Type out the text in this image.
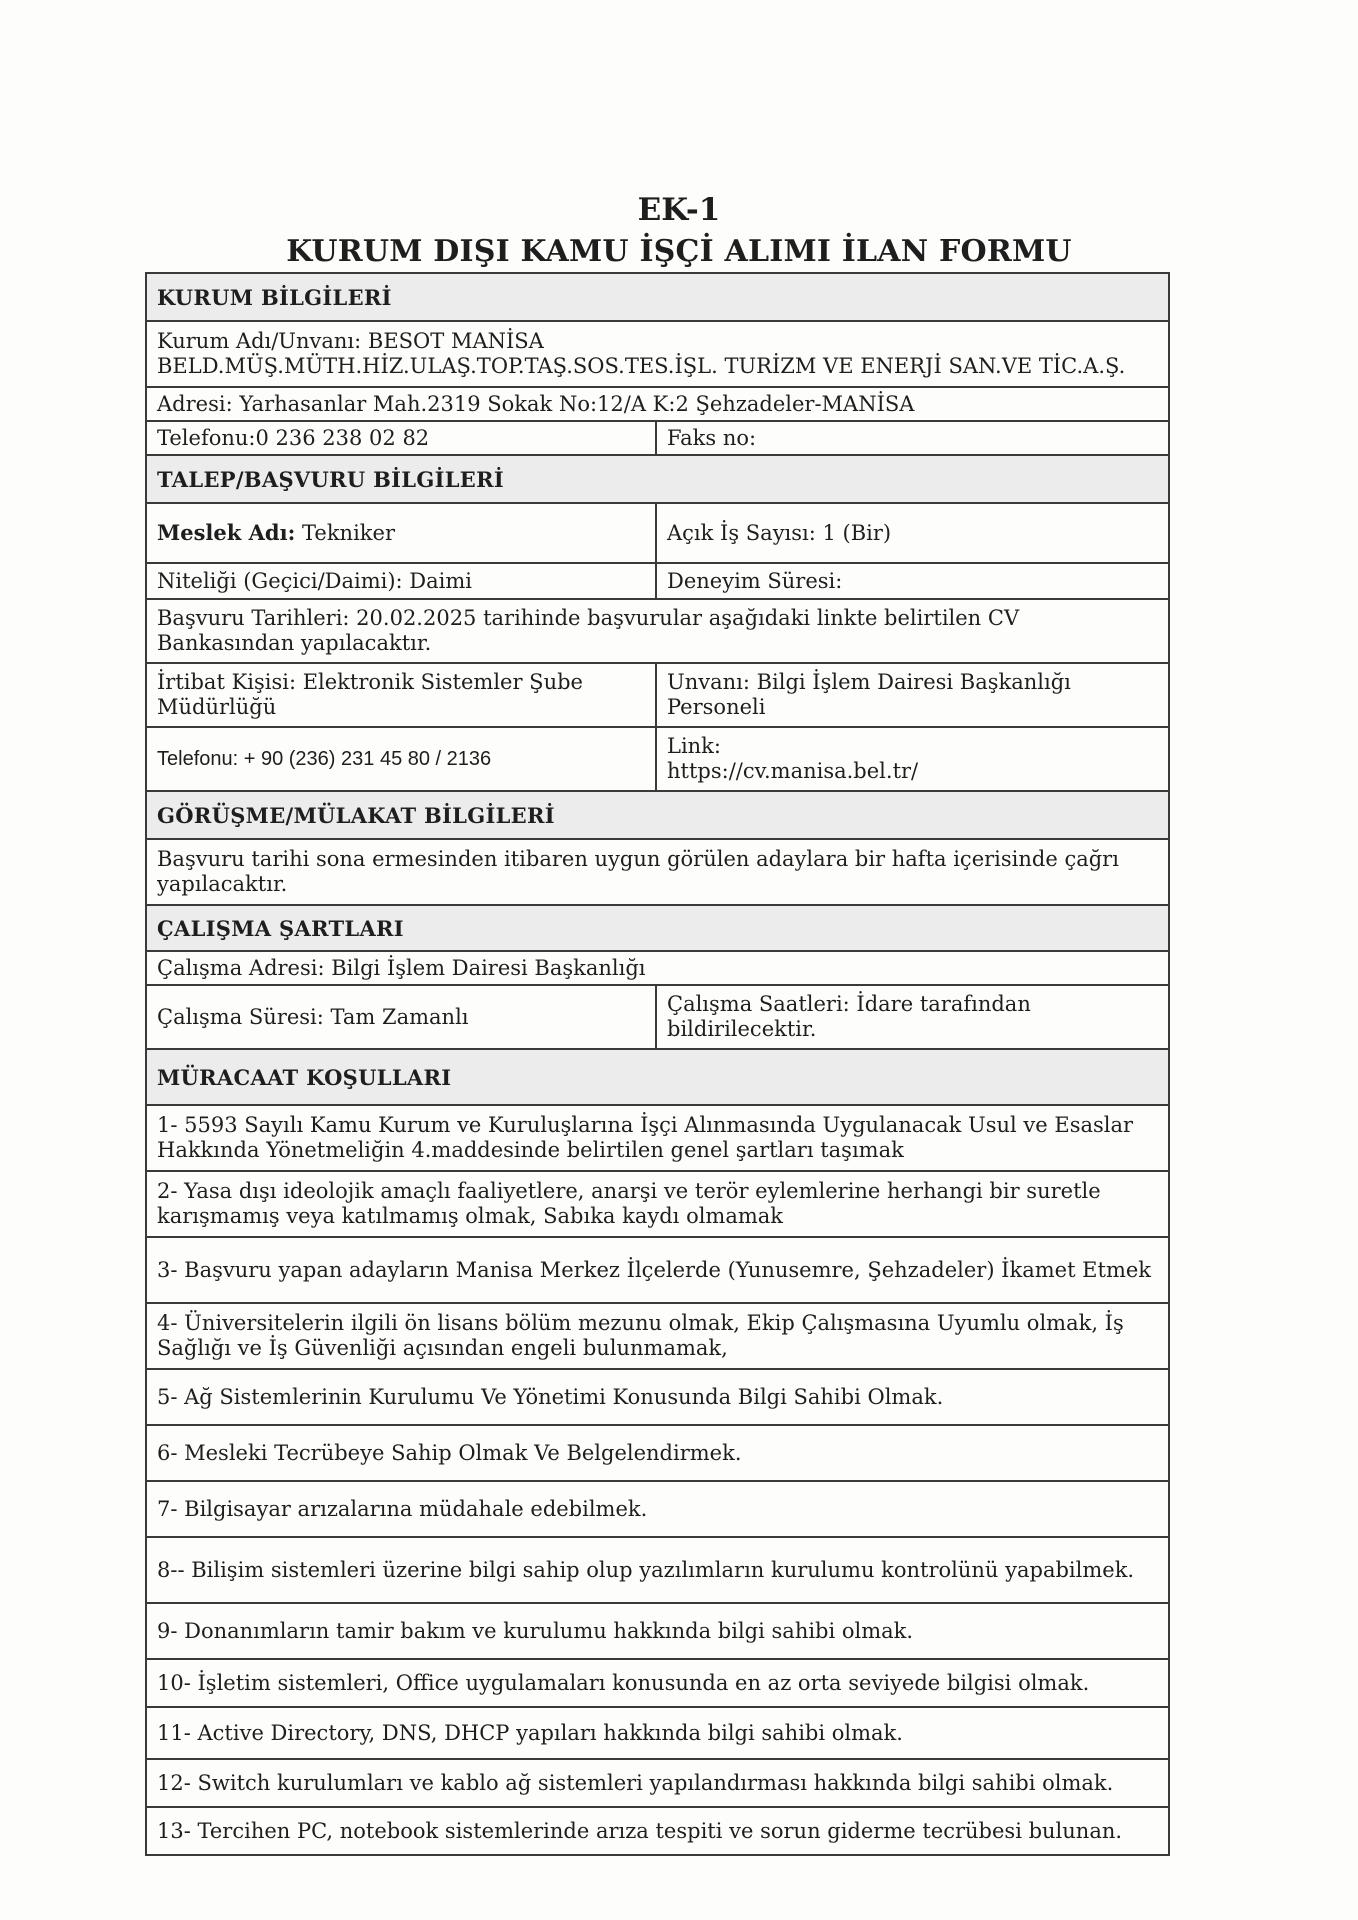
EK-1
KURUM DIŞI KAMU İŞÇİ ALIMI İLAN FORMU
KURUM BİLGİLERİ	

Kurum Adı/Unvanı: BESOT MANİSA
BELD.MÜŞ.MÜTH.HİZ.ULAŞ.TOP.TAŞ.SOS.TES.İŞL. TURİZM VE ENERJİ SAN.VE TİC.A.Ş.	

Adresi: Yarhasanlar Mah.2319 Sokak No:12/A K:2 Şehzadeler-MANİSA	
Telefonu:0 236 238 02 82	Faks no:
TALEP/BAŞVURU BİLGİLERİ	
Meslek Adı: Tekniker	Açık İş Sayısı: 1 (Bir)
Niteliği (Geçici/Daimi): Daimi	Deneyim Süresi:
Başvuru Tarihleri: 20.02.2025 tarihinde başvurular aşağıdaki linkte belirtilen CV Bankasından yapılacaktır.	
İrtibat Kişisi: Elektronik Sistemler Şube Müdürlüğü	Unvanı: Bilgi İşlem Dairesi Başkanlığı Personeli
Telefonu: + 90 (236) 231 45 80 / 2136	Link:
https://cv.manisa.bel.tr/

GÖRÜŞME/MÜLAKAT BİLGİLERİ	
Başvuru tarihi sona ermesinden itibaren uygun görülen adaylara bir hafta içerisinde çağrı yapılacaktır.	
ÇALIŞMA ŞARTLARI	
Çalışma Adresi: Bilgi İşlem Dairesi Başkanlığı	
Çalışma Süresi: Tam Zamanlı	Çalışma Saatleri: İdare tarafından bildirilecektir.
MÜRACAAT KOŞULLARI	
1- 5593 Sayılı Kamu Kurum ve Kuruluşlarına İşçi Alınmasında Uygulanacak Usul ve Esaslar Hakkında Yönetmeliğin 4.maddesinde belirtilen genel şartları taşımak	
2- Yasa dışı ideolojik amaçlı faaliyetlere, anarşi ve terör eylemlerine herhangi bir suretle karışmamış veya katılmamış olmak, Sabıka kaydı olmamak	
3- Başvuru yapan adayların Manisa Merkez İlçelerde (Yunusemre, Şehzadeler) İkamet Etmek	
4- Üniversitelerin ilgili ön lisans bölüm mezunu olmak, Ekip Çalışmasına Uyumlu olmak, İş Sağlığı ve İş Güvenliği açısından engeli bulunmamak,	
5- Ağ Sistemlerinin Kurulumu Ve Yönetimi Konusunda Bilgi Sahibi Olmak.	
6- Mesleki Tecrübeye Sahip Olmak Ve Belgelendirmek.	
7- Bilgisayar arızalarına müdahale edebilmek.	
8-- Bilişim sistemleri üzerine bilgi sahip olup yazılımların kurulumu kontrolünü yapabilmek.	
9- Donanımların tamir bakım ve kurulumu hakkında bilgi sahibi olmak.	
10- İşletim sistemleri, Office uygulamaları konusunda en az orta seviyede bilgisi olmak.	
11- Active Directory, DNS, DHCP yapıları hakkında bilgi sahibi olmak.	
12- Switch kurulumları ve kablo ağ sistemleri yapılandırması hakkında bilgi sahibi olmak.	
13- Tercihen PC, notebook sistemlerinde arıza tespiti ve sorun giderme tecrübesi bulunan.	
